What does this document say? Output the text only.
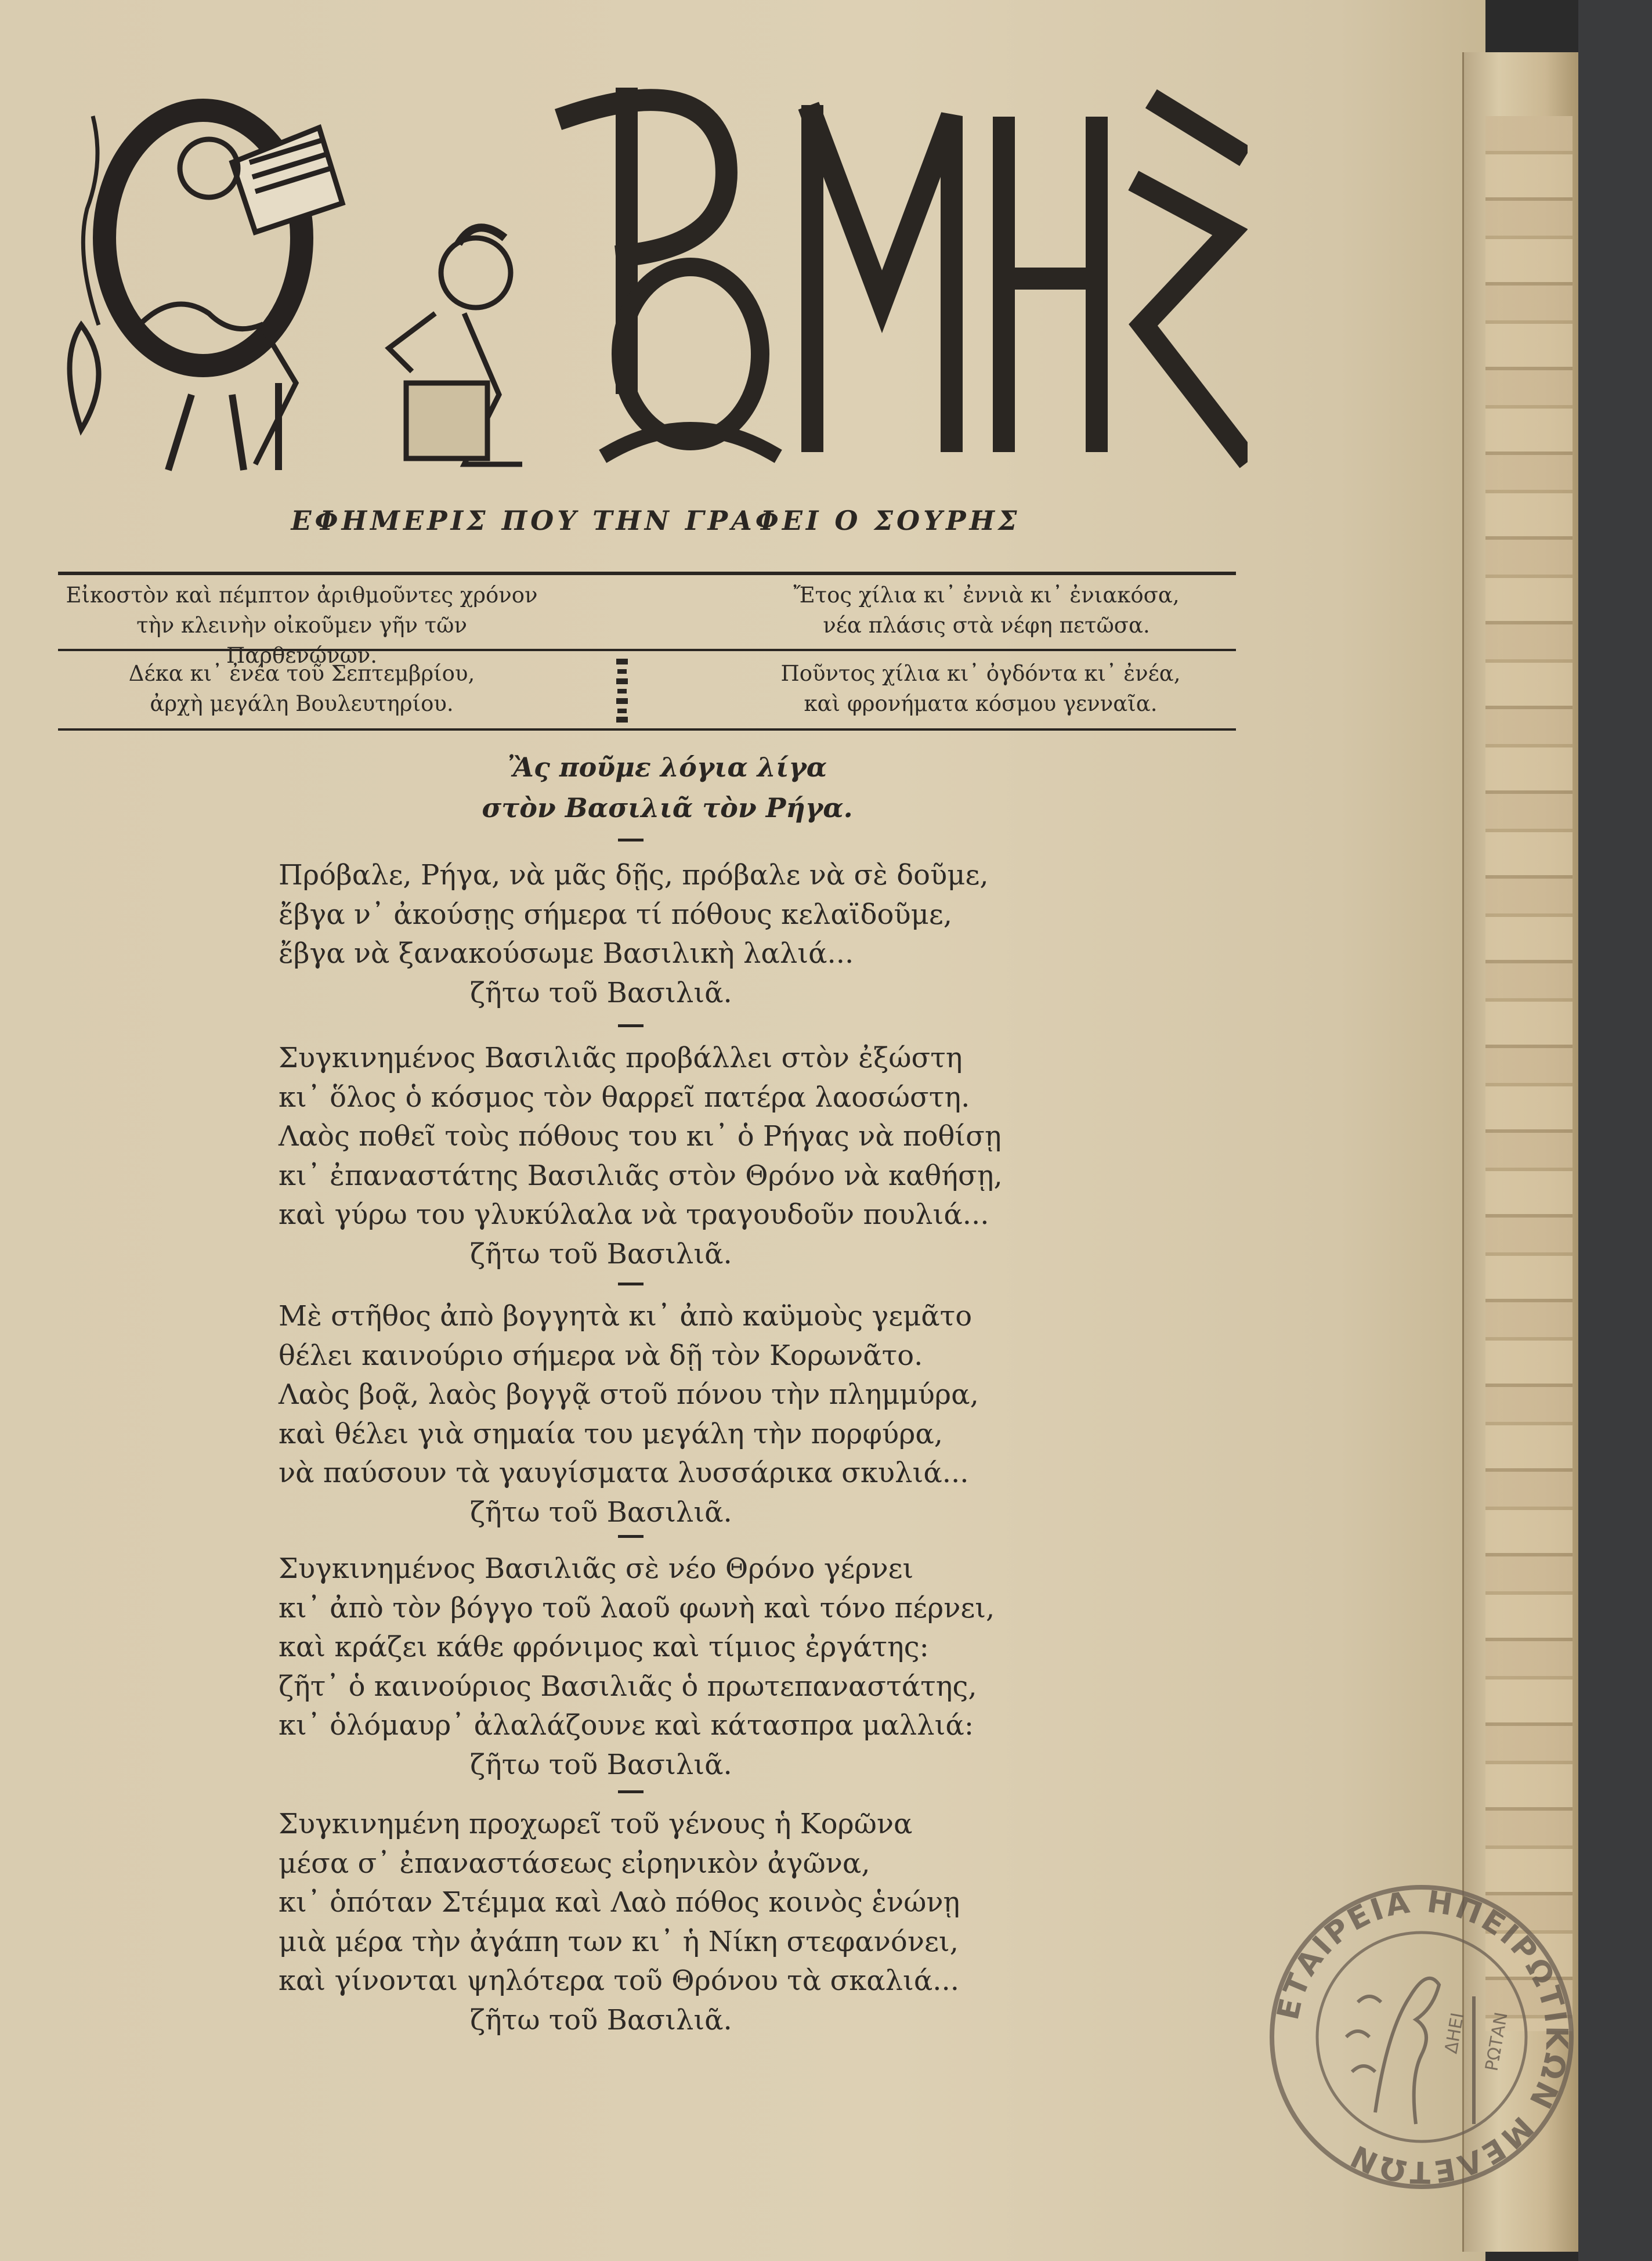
ΕΦΗΜΕΡΙΣ ΠΟΥ ΤΗΝ ΓΡΑΦΕΙ Ο ΣΟΥΡΗΣ
Εἰκοστὸν καὶ πέμπτον ἀριθμοῦντες χρόνον
τὴν κλεινὴν οἰκοῦμεν γῆν τῶν Παρθενώνων.
Ἔτος χίλια κι᾽ ἐννιὰ κι᾽ ἐνιακόσα,
νέα πλάσις στὰ νέφη πετῶσα.
Δέκα κι᾽ ἐνέα τοῦ Σεπτεμβρίου,
ἀρχὴ μεγάλη Βουλευτηρίου.
Ποῦντος χίλια κι᾽ ὀγδόντα κι᾽ ἐνέα,
καὶ φρονήματα κόσμου γενναῖα.
Ἂς ποῦμε λόγια λίγα
στὸν Βασιλιᾶ τὸν Ρήγα.
Πρόβαλε, Ρήγα, νὰ μᾶς δῇς, πρόβαλε νὰ σὲ δοῦμε,
ἔβγα ν᾽ ἀκούσῃς σήμερα τί πόθους κελαϊδοῦμε,
ἔβγα νὰ ξανακούσωμε Βασιλικὴ λαλιά...
ζῆτω τοῦ Βασιλιᾶ.
Συγκινημένος Βασιλιᾶς προβάλλει στὸν ἐξώστη
κι᾽ ὅλος ὁ κόσμος τὸν θαρρεῖ πατέρα λαοσώστη.
Λαὸς ποθεῖ τοὺς πόθους του κι᾽ ὁ Ρήγας νὰ ποθίσῃ
κι᾽ ἐπαναστάτης Βασιλιᾶς στὸν Θρόνο νὰ καθήσῃ,
καὶ γύρω του γλυκύλαλα νὰ τραγουδοῦν πουλιά...
ζῆτω τοῦ Βασιλιᾶ.
Μὲ στῆθος ἀπὸ βογγητὰ κι᾽ ἀπὸ καϋμοὺς γεμᾶτο
θέλει καινούριο σήμερα νὰ δῇ τὸν Κορωνᾶτο.
Λαὸς βοᾷ, λαὸς βογγᾷ στοῦ πόνου τὴν πλημμύρα,
καὶ θέλει γιὰ σημαία του μεγάλη τὴν πορφύρα,
νὰ παύσουν τὰ γαυγίσματα λυσσάρικα σκυλιά...
ζῆτω τοῦ Βασιλιᾶ.
Συγκινημένος Βασιλιᾶς σὲ νέο Θρόνο γέρνει
κι᾽ ἀπὸ τὸν βόγγο τοῦ λαοῦ φωνὴ καὶ τόνο πέρνει,
καὶ κράζει κάθε φρόνιμος καὶ τίμιος ἐργάτης:
ζῆτ᾽ ὁ καινούριος Βασιλιᾶς ὁ πρωτεπαναστάτης,
κι᾽ ὁλόμαυρ᾽ ἀλαλάζουνε καὶ κάτασπρα μαλλιά:
ζῆτω τοῦ Βασιλιᾶ.
Συγκινημένη προχωρεῖ τοῦ γένους ἡ Κορῶνα
μέσα σ᾽ ἐπαναστάσεως εἰρηνικὸν ἀγῶνα,
κι᾽ ὁπόταν Στέμμα καὶ Λαὸ πόθος κοινὸς ἑνώνῃ
μιὰ μέρα τὴν ἀγάπη των κι᾽ ἡ Νίκη στεφανόνει,
καὶ γίνονται ψηλότερα τοῦ Θρόνου τὰ σκαλιά...
ζῆτω τοῦ Βασιλιᾶ.	ΕΤΑΙΡΕΙΑ ΗΠΕΙΡΩΤΙΚΩΝ ΜΕΛΕΤΩΝ
ΔΗΕΙ ΡΩΤΑΝ
